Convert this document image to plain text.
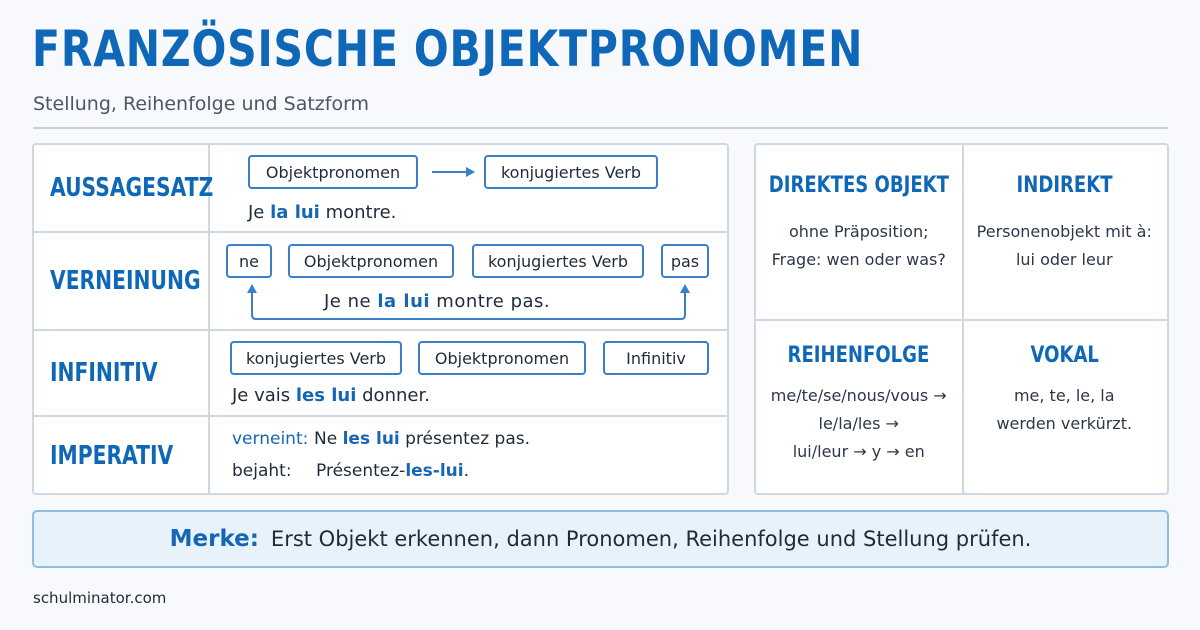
FRANZÖSISCHE OBJEKTPRONOMEN
Stellung, Reihenfolge und Satzform
AUSSAGESATZ
Objektpronomen	konjugiertes Verb
Je la lui montre.
VERNEINUNG
ne	Objektpronomen	konjugiertes Verb	pas
Je ne la lui montre pas.
INFINITIV	konjugiertes Verb	Objektpronomen	Infinitiv
Je vais les lui donner.
IMPERATIV
verneint: Ne les lui présentez pas.
bejaht: Présentez-les-lui.
DIREKTES OBJEKT

ohne Präposition;
Frage: wen oder was?

INDIREKT

Personenobjekt mit à:
lui oder leur

REIHENFOLGE

me/te/se/nous/vous →
le/la/les →
lui/leur → y → en

VOKAL

me, te, le, la
werden verkürzt.

Merke: Erst Objekt erkennen, dann Pronomen, Reihenfolge und Stellung prüfen.
schulminator.com
